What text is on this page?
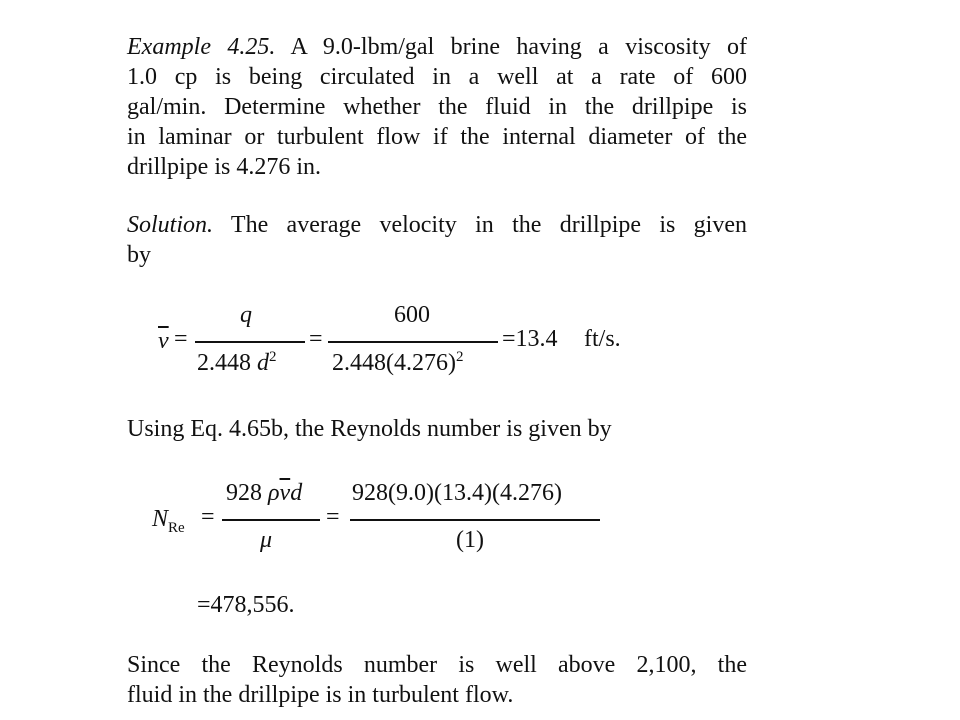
Example 4.25. A 9.0-lbm/gal brine having a viscosity of
1.0 cp is being circulated in a well at a rate of 600
gal/min. Determine whether the fluid in the drillpipe is
in laminar or turbulent flow if the internal diameter of the
drillpipe is 4.276 in.
Solution. The average velocity in the drillpipe is given
by
$\overline{v}$ =
q
2.448 $d^2$
=
600
$2.448(4.276)^2$
=13.4 ft/s.
Using Eq. 4.65b, the Reynolds number is given by
$N_{Re}$ =
928 $\rho\overline{v}d$
μ
=
928(9.0)(13.4)(4.276)
(1)
=478,556.
Since the Reynolds number is well above 2,100, the
fluid in the drillpipe is in turbulent flow.
